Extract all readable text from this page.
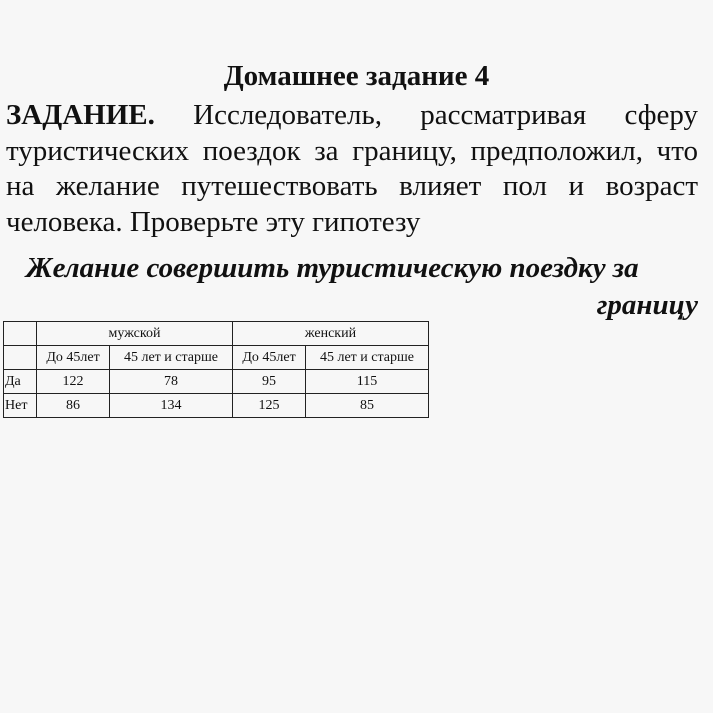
Домашнее задание 4
ЗАДАНИЕ. Исследователь, рассматривая сферу туристических поездок за границу, предположил, что на желание путешествовать влияет пол и возраст человека. Проверьте эту гипотезу
Желание совершить туристическую поездку за
границу
	мужской		женский	
	До 45лет	45 лет и старше	До 45лет	45 лет и старше
Да	122	78	95	115
Нет	86	134	125	85
